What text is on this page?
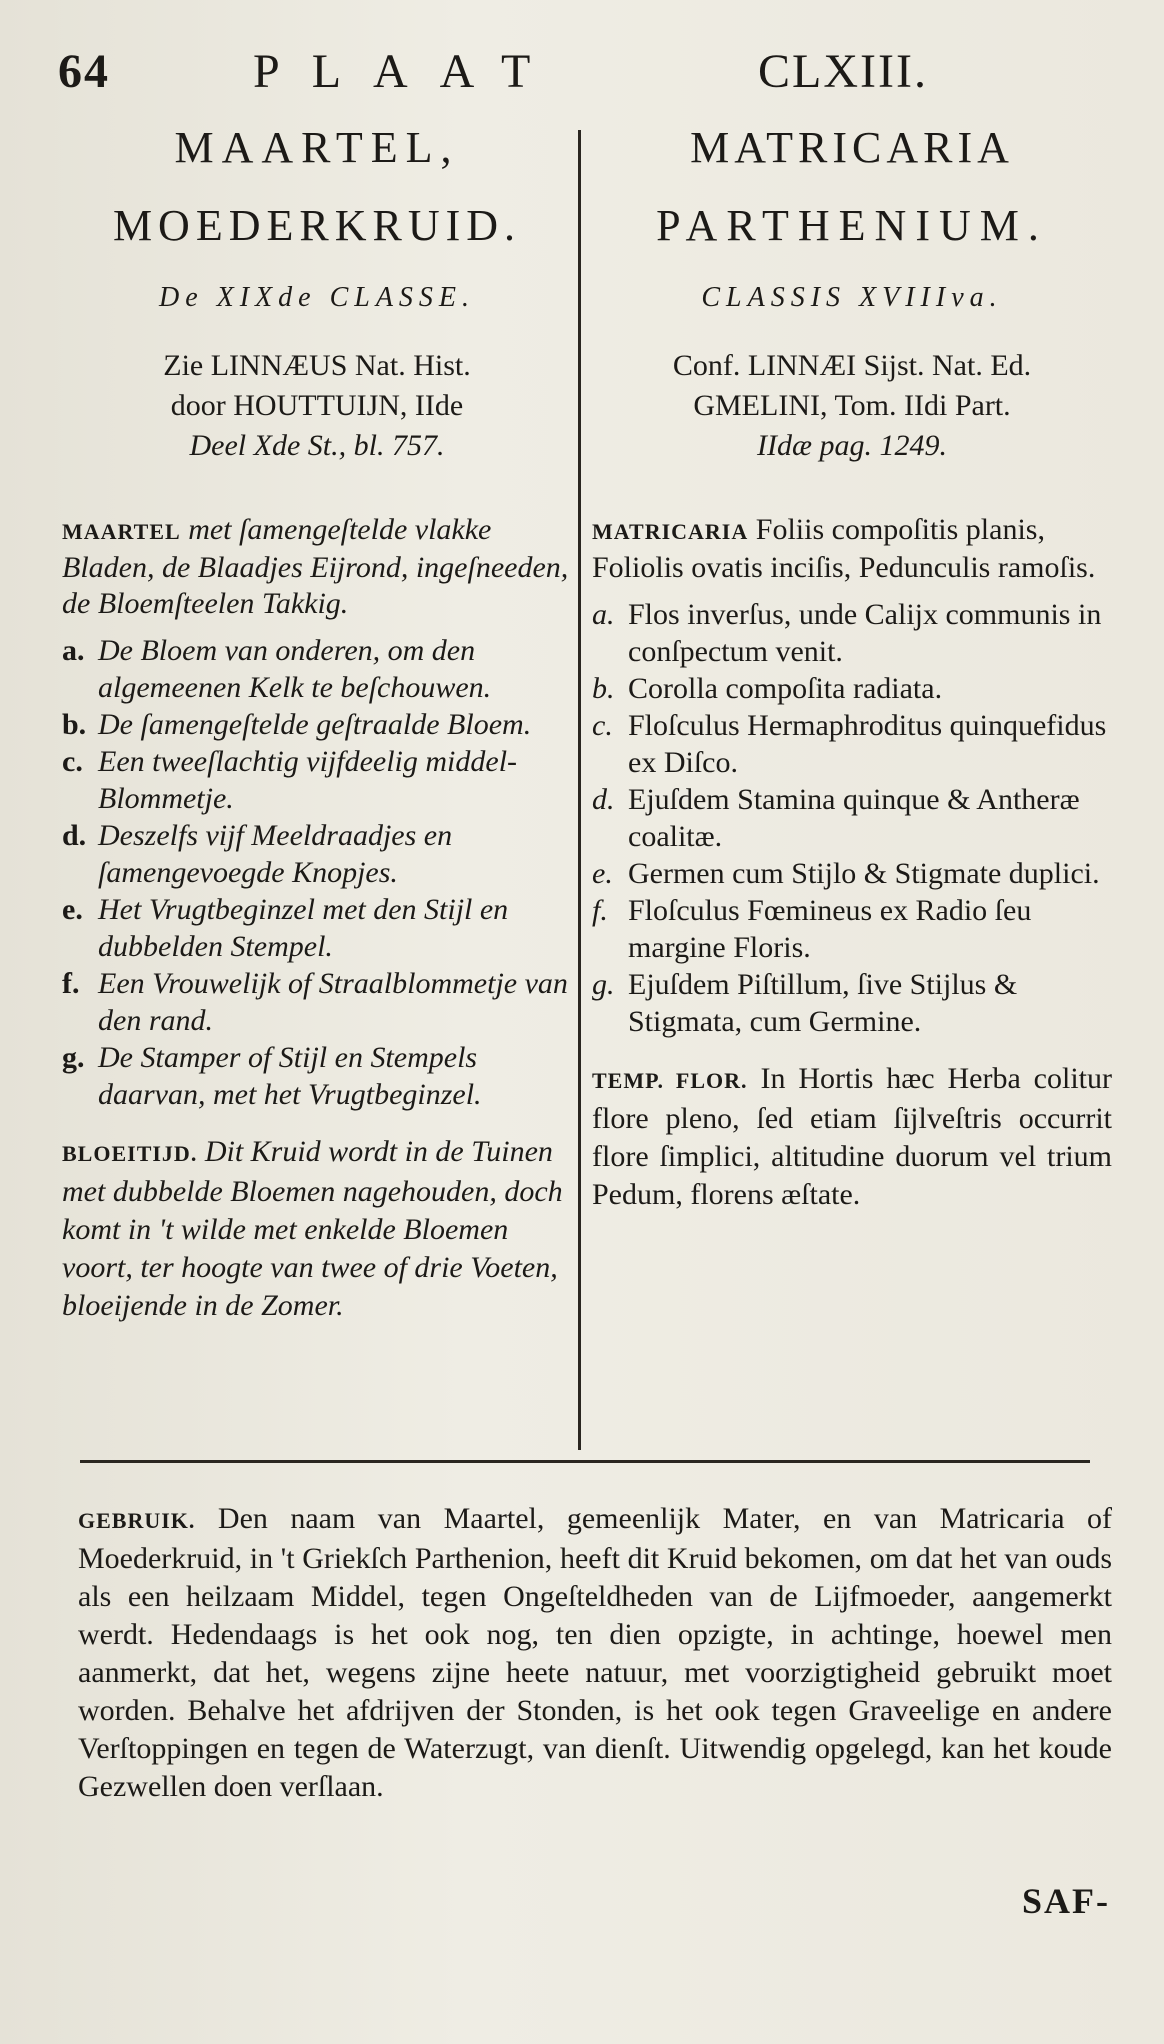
64	PLAAT	CLXIII.

MAARTEL,

MOEDERKRUID.

De XIXde CLASSE.
Zie LINNÆUS Nat. Hist.
door HOUTTUIJN, IIde
Deel Xde St., bl. 757.
MAARTEL met ſamengeſtelde vlakke Bladen, de Blaadjes Eijrond, ingeſneeden, de Bloemſteelen Takkig.
a. De Bloem van onderen, om den algemeenen Kelk te beſchouwen.
b. De ſamengeſtelde geſtraalde Bloem.
c. Een tweeſlachtig vijfdeelig middel-Blommetje.
d. Deszelfs vijf Meeldraadjes en ſamengevoegde Knopjes.
e. Het Vrugtbeginzel met den Stijl en dubbelden Stempel.
f. Een Vrouwelijk of Straalblommetje van den rand.
g. De Stamper of Stijl en Stempels daarvan, met het Vrugtbeginzel.
BLOEITIJD. Dit Kruid wordt in de Tuinen met dubbelde Bloemen nagehouden, doch komt in 't wilde met enkelde Bloemen voort, ter hoogte van twee of drie Voeten, bloeijende in de Zomer.

MATRICARIA

PARTHENIUM.

CLASSIS XVIIIva.
Conf. LINNÆI Sijst. Nat. Ed.
GMELINI, Tom. IIdi Part.
IIdæ pag. 1249.
MATRICARIA Foliis compoſitis planis, Foliolis ovatis inciſis, Pedunculis ramoſis.
a. Flos inverſus, unde Calijx communis in conſpectum venit.
b. Corolla compoſita radiata.
c. Floſculus Hermaphroditus quinquefidus ex Diſco.
d. Ejuſdem Stamina quinque & Antheræ coalitæ.
e. Germen cum Stijlo & Stigmate duplici.
f. Floſculus Fœmineus ex Radio ſeu margine Floris.
g. Ejuſdem Piſtillum, ſive Stijlus & Stigmata, cum Germine.
TEMP. FLOR. In Hortis hæc Herba colitur flore pleno, ſed etiam ſijlveſtris occurrit flore ſimplici, altitudine duorum vel trium Pedum, florens æſtate.
GEBRUIK. Den naam van Maartel, gemeenlijk Mater, en van Matricaria of Moederkruid, in 't Griekſch Parthenion, heeft dit Kruid bekomen, om dat het van ouds als een heilzaam Middel, tegen Ongeſteldheden van de Lijfmoeder, aangemerkt werdt. Hedendaags is het ook nog, ten dien opzigte, in achtinge, hoewel men aanmerkt, dat het, wegens zijne heete natuur, met voorzigtigheid gebruikt moet worden. Behalve het afdrijven der Stonden, is het ook tegen Graveelige en andere Verſtoppingen en tegen de Waterzugt, van dienſt. Uitwendig opgelegd, kan het koude Gezwellen doen verſlaan.
SAF-
